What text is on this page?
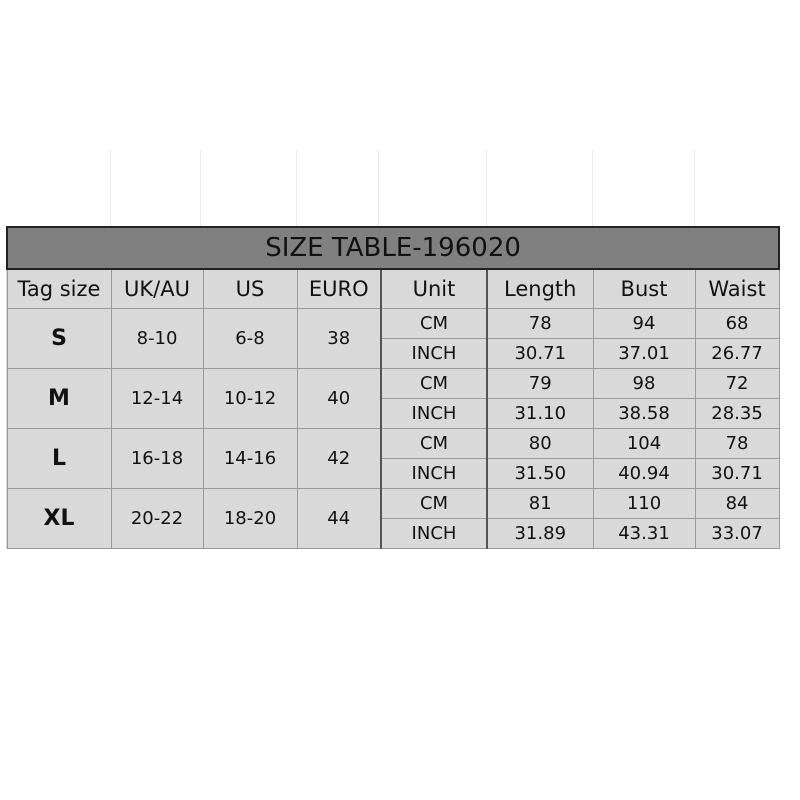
SIZE TABLE-196020							
Tag size	UK/AU	US	EURO	Unit	Length	Bust	Waist
S	8-10	6-8	38	CM	78	94	68
				INCH	30.71	37.01	26.77
M	12-14	10-12	40	CM	79	98	72
				INCH	31.10	38.58	28.35
L	16-18	14-16	42	CM	80	104	78
				INCH	31.50	40.94	30.71
XL	20-22	18-20	44	CM	81	110	84
				INCH	31.89	43.31	33.07
